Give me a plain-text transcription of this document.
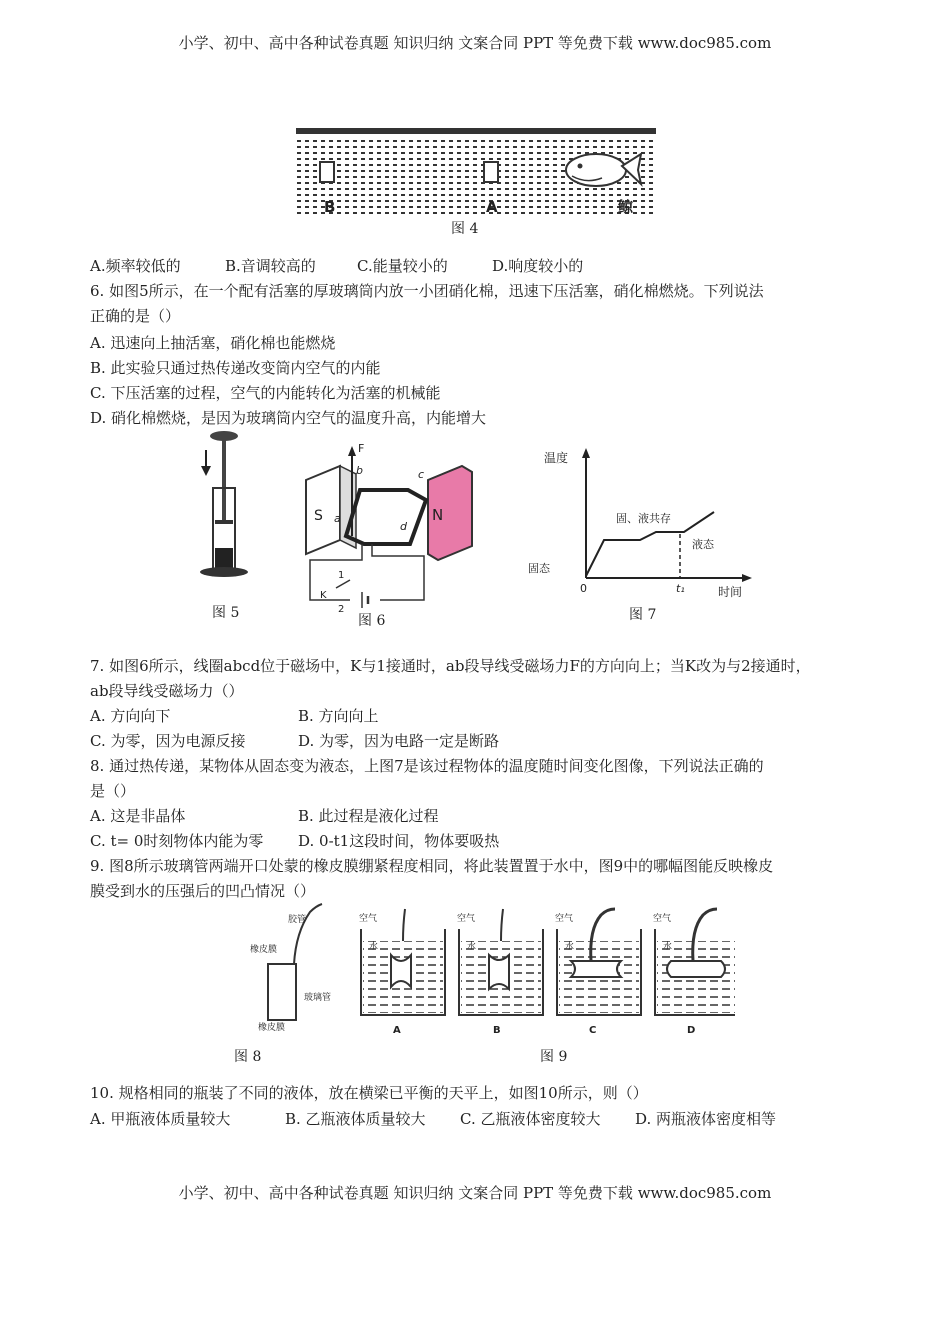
小学、初中、高中各种试卷真题 知识归纳 文案合同 PPT 等免费下载 www.doc985.com
B	A	鲸
图 4
A.频率较低的	B.音调较高的	C.能量较小的	D.响度较小的
6. 如图5所示，在一个配有活塞的厚玻璃筒内放一小团硝化棉，迅速下压活塞，硝化棉燃烧。下列说法
正确的是（）
A. 迅速向上抽活塞，硝化棉也能燃烧
B. 此实验只通过热传递改变筒内空气的内能
C. 下压活塞的过程，空气的内能转化为活塞的机械能
D. 硝化棉燃烧，是因为玻璃筒内空气的温度升高，内能增大
图 5
S	N
F
b
a
c
d
1
K
2
图 6
温度
时间
0	t₁
固态
固、液共存
液态
图 7
7. 如图6所示，线圈abcd位于磁场中，K与1接通时，ab段导线受磁场力F的方向向上；当K改为与2接通时，
ab段导线受磁场力（）
A. 方向向下	B. 方向向上
C. 为零，因为电源反接	D. 为零，因为电路一定是断路
8. 通过热传递，某物体从固态变为液态，上图7是该过程物体的温度随时间变化图像，下列说法正确的
是（）
A. 这是非晶体	B. 此过程是液化过程
C. t= 0时刻物体内能为零 D. 0-t1这段时间，物体要吸热
9. 图8所示玻璃管两端开口处蒙的橡皮膜绷紧程度相同，将此装置置于水中，图9中的哪幅图能反映橡皮
膜受到水的压强后的凹凸情况（）
胶管
橡皮膜
玻璃管
橡皮膜
图 8
空气
水
A
空气
水
B
空气
水
C
空气
水
D
图 9
10. 规格相同的瓶装了不同的液体，放在横梁已平衡的天平上，如图10所示，则（）
A. 甲瓶液体质量较大	B. 乙瓶液体质量较大 C. 乙瓶液体密度较大 D. 两瓶液体密度相等
小学、初中、高中各种试卷真题 知识归纳 文案合同 PPT 等免费下载 www.doc985.com
